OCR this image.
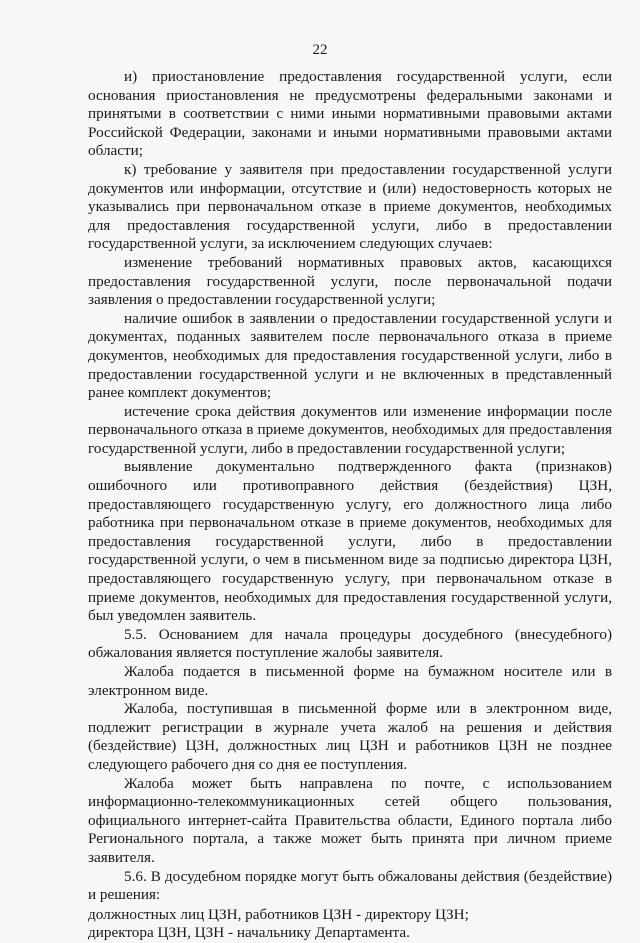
22

и) приостановление предоставления государственной услуги, если основания приостановления не предусмотрены федеральными законами и принятыми в соответствии с ними иными нормативными правовыми актами Российской Федерации, законами и иными нормативными правовыми актами области;

к) требование у заявителя при предоставлении государственной услуги документов или информации, отсутствие и (или) недостоверность которых не указывались при первоначальном отказе в приеме документов, необходимых для предоставления государственной услуги, либо в предоставлении государственной услуги, за исключением следующих случаев:

изменение требований нормативных правовых актов, касающихся предоставления государственной услуги, после первоначальной подачи заявления о предоставлении государственной услуги;

наличие ошибок в заявлении о предоставлении государственной услуги и документах, поданных заявителем после первоначального отказа в приеме документов, необходимых для предоставления государственной услуги, либо в предоставлении государственной услуги и не включенных в представленный ранее комплект документов;

истечение срока действия документов или изменение информации после первоначального отказа в приеме документов, необходимых для предоставления государственной услуги, либо в предоставлении государственной услуги;

выявление документально подтвержденного факта (признаков) ошибочного или противоправного действия (бездействия) ЦЗН, предоставляющего государственную услугу, его должностного лица либо работника при первоначальном отказе в приеме документов, необходимых для предоставления государственной услуги, либо в предоставлении государственной услуги, о чем в письменном виде за подписью директора ЦЗН, предоставляющего государственную услугу, при первоначальном отказе в приеме документов, необходимых для предоставления государственной услуги, был уведомлен заявитель.

5.5. Основанием для начала процедуры досудебного (внесудебного) обжалования является поступление жалобы заявителя.

Жалоба подается в письменной форме на бумажном носителе или в электронном виде.

Жалоба, поступившая в письменной форме или в электронном виде, подлежит регистрации в журнале учета жалоб на решения и действия (бездействие) ЦЗН, должностных лиц ЦЗН и работников ЦЗН не позднее следующего рабочего дня со дня ее поступления.

Жалоба может быть направлена по почте, с использованием информационно-телекоммуникационных сетей общего пользования, официального интернет-сайта Правительства области, Единого портала либо Регионального портала, а также может быть принята при личном приеме заявителя.

5.6. В досудебном порядке могут быть обжалованы действия (бездействие) и решения:

должностных лиц ЦЗН, работников ЦЗН - директору ЦЗН;

директора ЦЗН, ЦЗН - начальнику Департамента.
